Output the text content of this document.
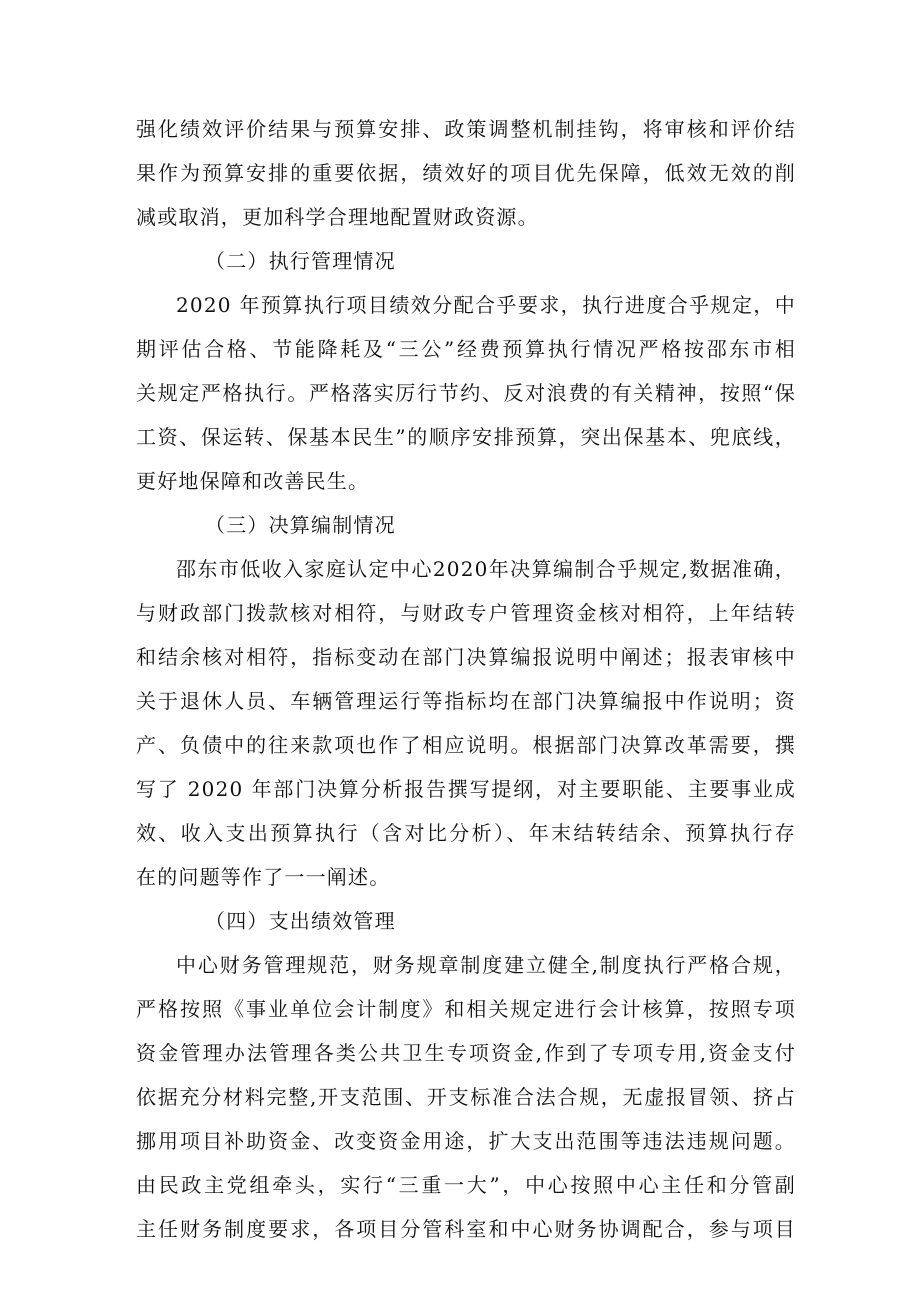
强化绩效评价结果与预算安排、政策调整机制挂钩，将审核和评价结
果作为预算安排的重要依据，绩效好的项目优先保障，低效无效的削
减或取消，更加科学合理地配置财政资源。
（二）执行管理情况
2020 年预算执行项目绩效分配合乎要求，执行进度合乎规定，中
期评估合格、节能降耗及“三公”经费预算执行情况严格按邵东市相
关规定严格执行。严格落实厉行节约、反对浪费的有关精神，按照“保
工资、保运转、保基本民生”的顺序安排预算，突出保基本、兜底线，
更好地保障和改善民生。
（三）决算编制情况
邵东市低收入家庭认定中心2020年决算编制合乎规定,数据准确，
与财政部门拨款核对相符，与财政专户管理资金核对相符，上年结转
和结余核对相符，指标变动在部门决算编报说明中阐述；报表审核中
关于退休人员、车辆管理运行等指标均在部门决算编报中作说明；资
产、负债中的往来款项也作了相应说明。根据部门决算改革需要，撰
写了 2020 年部门决算分析报告撰写提纲，对主要职能、主要事业成
效、收入支出预算执行（含对比分析）、年末结转结余、预算执行存
在的问题等作了一一阐述。
（四）支出绩效管理
中心财务管理规范，财务规章制度建立健全,制度执行严格合规，
严格按照《事业单位会计制度》和相关规定进行会计核算，按照专项
资金管理办法管理各类公共卫生专项资金,作到了专项专用,资金支付
依据充分材料完整,开支范围、开支标准合法合规，无虚报冒领、挤占
挪用项目补助资金、改变资金用途，扩大支出范围等违法违规问题。
由民政主党组牵头，实行“三重一大”，中心按照中心主任和分管副
主任财务制度要求，各项目分管科室和中心财务协调配合，参与项目
